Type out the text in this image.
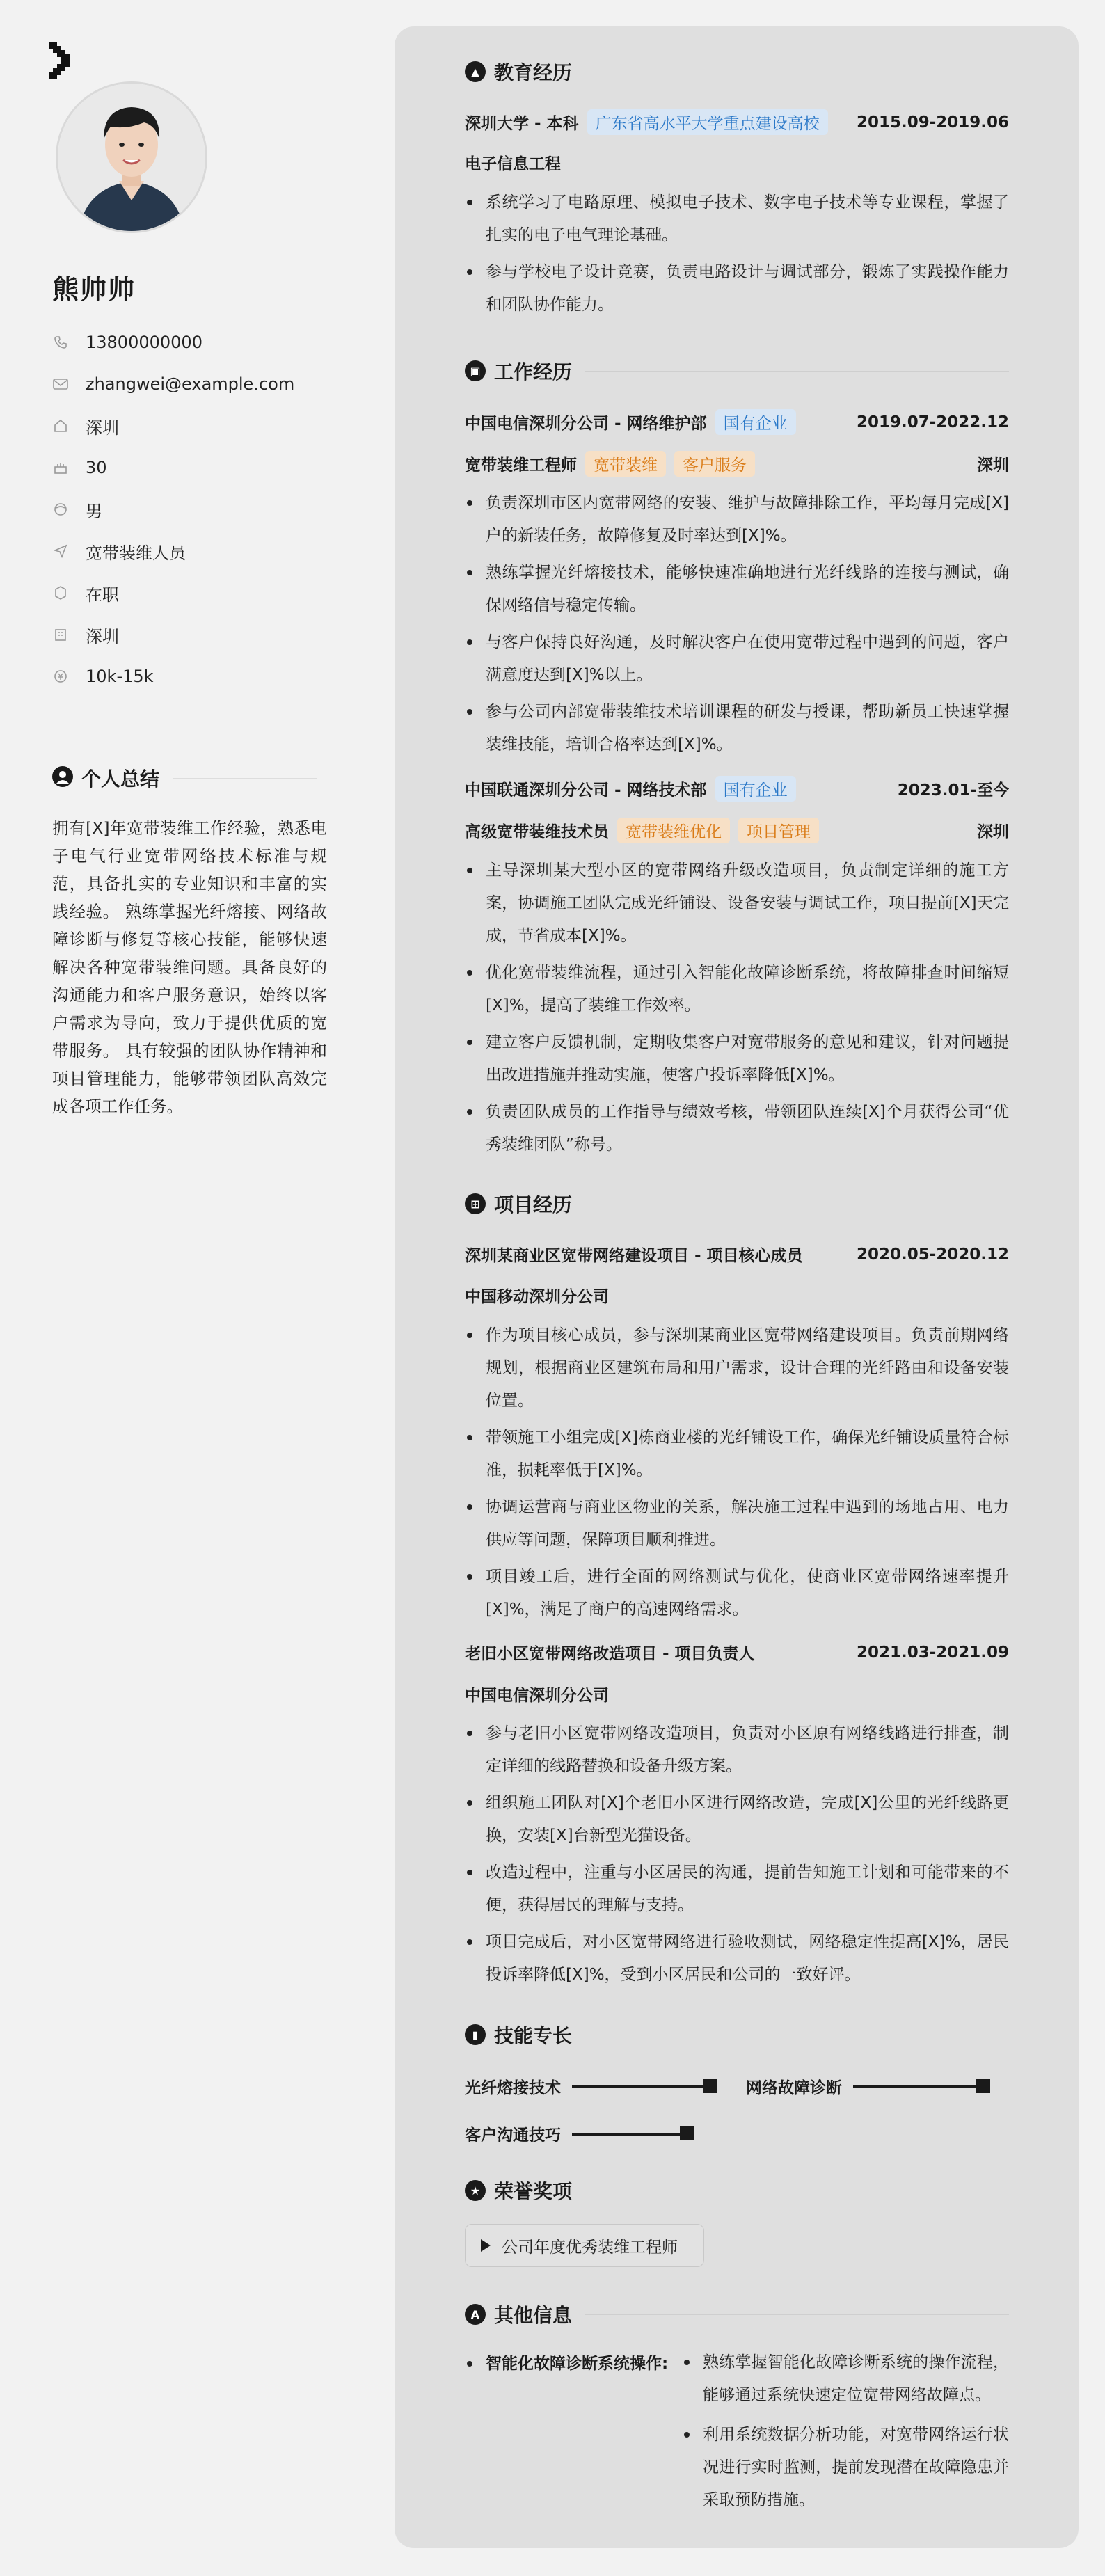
熊帅帅
13800000000
zhangwei@example.com
深圳
30
男
宽带装维人员
在职
深圳
10k-15k
个人总结
拥有[X]年宽带装维工作经验，熟悉电子电气行业宽带网络技术标准与规范，具备扎实的专业知识和丰富的实践经验。 熟练掌握光纤熔接、网络故障诊断与修复等核心技能，能够快速解决各种宽带装维问题。具备良好的沟通能力和客户服务意识，始终以客户需求为导向，致力于提供优质的宽带服务。 具有较强的团队协作精神和项目管理能力，能够带领团队高效完成各项工作任务。
▲ 教育经历
深圳大学 - 本科	广东省高水平大学重点建设高校	2015.09-2019.06
电子信息工程
系统学习了电路原理、模拟电子技术、数字电子技术等专业课程，掌握了扎实的电子电气理论基础。
参与学校电子设计竞赛，负责电路设计与调试部分，锻炼了实践操作能力和团队协作能力。
▣ 工作经历
中国电信深圳分公司 - 网络维护部	国有企业	2019.07-2022.12
宽带装维工程师	宽带装维	客户服务	深圳
负责深圳市区内宽带网络的安装、维护与故障排除工作，平均每月完成[X]户的新装任务，故障修复及时率达到[X]%。
熟练掌握光纤熔接技术，能够快速准确地进行光纤线路的连接与测试，确保网络信号稳定传输。
与客户保持良好沟通，及时解决客户在使用宽带过程中遇到的问题，客户满意度达到[X]%以上。
参与公司内部宽带装维技术培训课程的研发与授课，帮助新员工快速掌握装维技能，培训合格率达到[X]%。
中国联通深圳分公司 - 网络技术部	国有企业	2023.01-至今
高级宽带装维技术员	宽带装维优化	项目管理	深圳
主导深圳某大型小区的宽带网络升级改造项目，负责制定详细的施工方案，协调施工团队完成光纤铺设、设备安装与调试工作，项目提前[X]天完成，节省成本[X]%。
优化宽带装维流程，通过引入智能化故障诊断系统，将故障排查时间缩短[X]%，提高了装维工作效率。
建立客户反馈机制，定期收集客户对宽带服务的意见和建议，针对问题提出改进措施并推动实施，使客户投诉率降低[X]%。
负责团队成员的工作指导与绩效考核，带领团队连续[X]个月获得公司“优秀装维团队”称号。
⊞ 项目经历
深圳某商业区宽带网络建设项目 - 项目核心成员	2020.05-2020.12
中国移动深圳分公司
作为项目核心成员，参与深圳某商业区宽带网络建设项目。负责前期网络规划，根据商业区建筑布局和用户需求，设计合理的光纤路由和设备安装位置。
带领施工小组完成[X]栋商业楼的光纤铺设工作，确保光纤铺设质量符合标准，损耗率低于[X]%。
协调运营商与商业区物业的关系，解决施工过程中遇到的场地占用、电力供应等问题，保障项目顺利推进。
项目竣工后，进行全面的网络测试与优化，使商业区宽带网络速率提升[X]%，满足了商户的高速网络需求。
老旧小区宽带网络改造项目 - 项目负责人	2021.03-2021.09
中国电信深圳分公司
参与老旧小区宽带网络改造项目，负责对小区原有网络线路进行排查，制定详细的线路替换和设备升级方案。
组织施工团队对[X]个老旧小区进行网络改造，完成[X]公里的光纤线路更换，安装[X]台新型光猫设备。
改造过程中，注重与小区居民的沟通，提前告知施工计划和可能带来的不便，获得居民的理解与支持。
项目完成后，对小区宽带网络进行验收测试，网络稳定性提高[X]%，居民投诉率降低[X]%，受到小区居民和公司的一致好评。
▮ 技能专长
光纤熔接技术	网络故障诊断
客户沟通技巧
★ 荣誉奖项
公司年度优秀装维工程师
A 其他信息
智能化故障诊断系统操作:	熟练掌握智能化故障诊断系统的操作流程，能够通过系统快速定位宽带网络故障点。
利用系统数据分析功能，对宽带网络运行状况进行实时监测，提前发现潜在故障隐患并采取预防措施。
